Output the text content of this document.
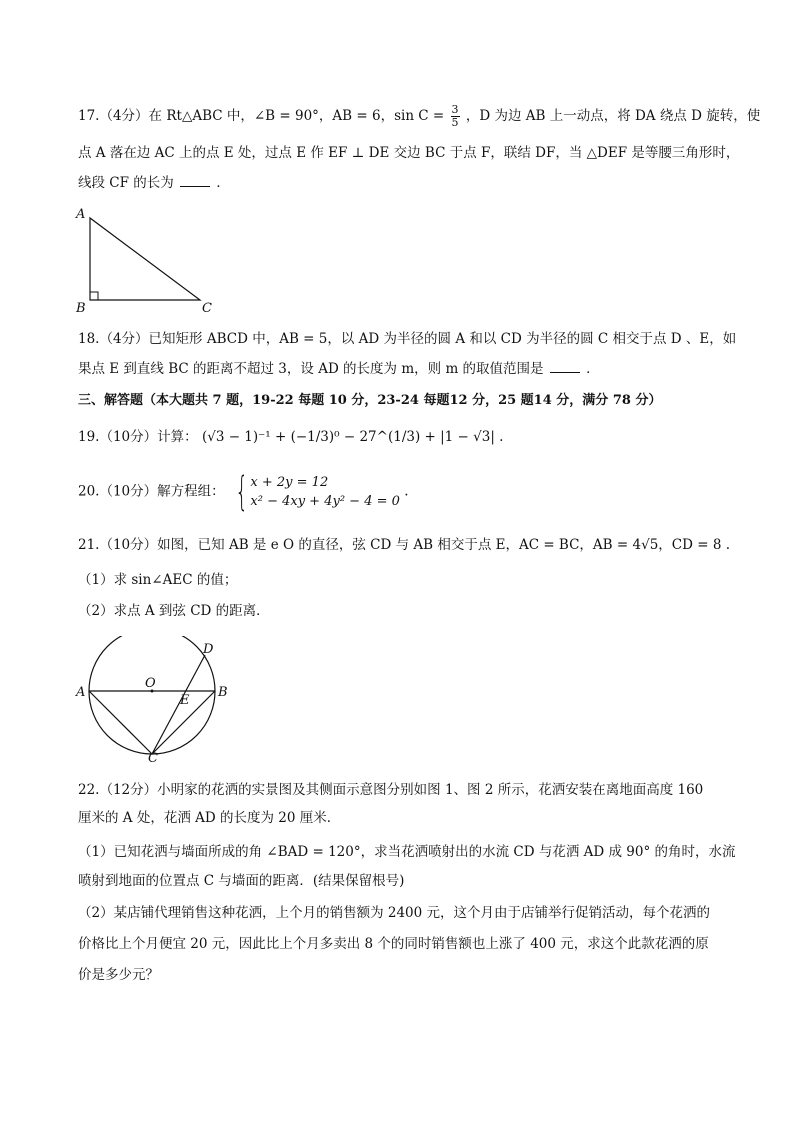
17.（4分）在 Rt△ABC 中，∠B = 90°，AB = 6，$\sin C = \frac{3}{5}$ ，D 为边 AB 上一动点，将 DA 绕点 D 旋转，使
点 A 落在边 AC 上的点 E 处，过点 E 作 EF ⊥ DE 交边 BC 于点 F，联结 DF，当 △DEF 是等腰三角形时，
线段 CF 的长为	．
A
B	C
18.（4分）已知矩形 ABCD 中，AB = 5，以 AD 为半径的圆 A 和以 CD 为半径的圆 C 相交于点 D 、E，如
果点 E 到直线 BC 的距离不超过 3，设 AD 的长度为 m，则 m 的取值范围是	．
三、解答题（本大题共 7 题，19-22 每题 10 分，23-24 每题12 分，25 题14 分，满分 78 分）
19.（10分）计算： (√3 − 1)⁻¹ + (−1/3)⁰ − 27^(1/3) + |1 − √3| .
20.（10分）解方程组： { x + 2y = 12
x² − 4xy + 4y² − 4 = 0
.
21.（10分）如图，已知 AB 是 e O 的直径，弦 CD 与 AB 相交于点 E，AC = BC，AB = 4√5，CD = 8 .
（1）求 sin∠AEC 的值；
（2）求点 A 到弦 CD 的距离．
O
A	B
C
D
E
22.（12分）小明家的花洒的实景图及其侧面示意图分别如图 1、图 2 所示，花洒安装在离地面高度 160
厘米的 A 处，花洒 AD 的长度为 20 厘米．
（1）已知花洒与墙面所成的角 ∠BAD = 120°，求当花洒喷射出的水流 CD 与花洒 AD 成 90° 的角时，水流
喷射到地面的位置点 C 与墙面的距离．(结果保留根号)
（2）某店铺代理销售这种花洒，上个月的销售额为 2400 元，这个月由于店铺举行促销活动，每个花洒的
价格比上个月便宜 20 元，因此比上个月多卖出 8 个的同时销售额也上涨了 400 元，求这个此款花洒的原
价是多少元？
